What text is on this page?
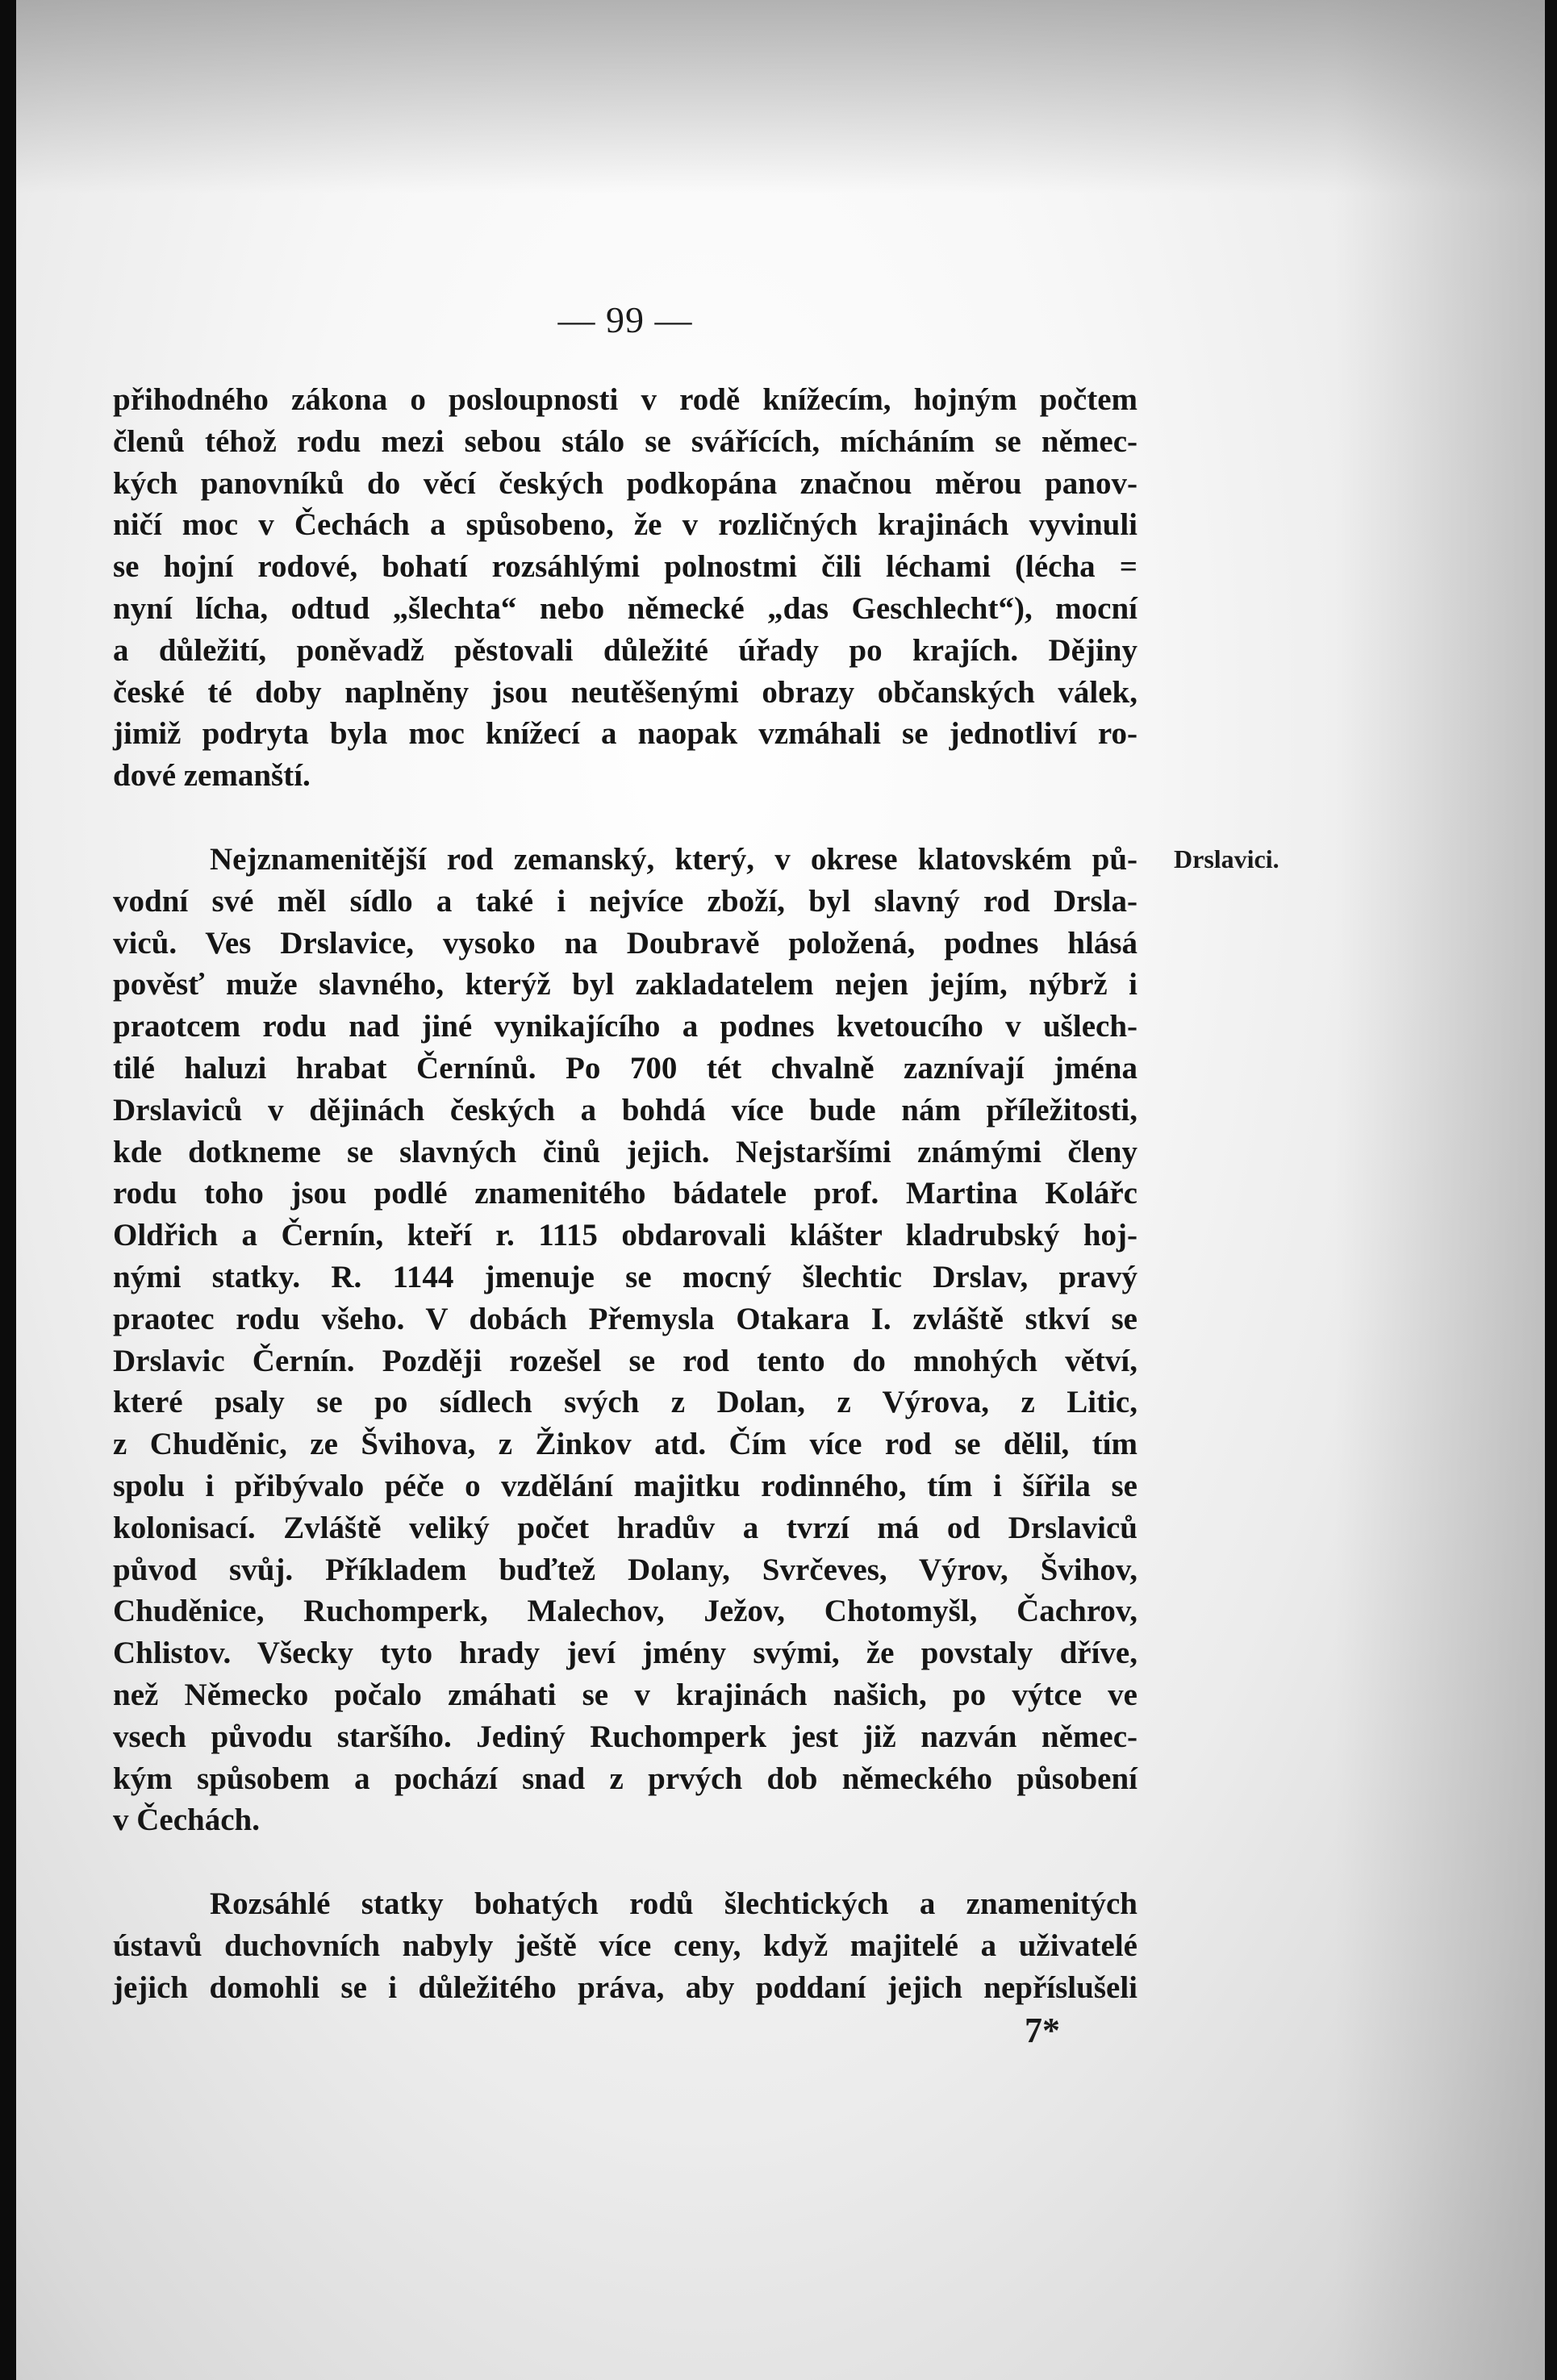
— 99 —
Drslavici.
přihodného zákona o posloupnosti v rodě knížecím, hojným počtem
členů téhož rodu mezi sebou stálo se svářících, mícháním se němec-
kých panovníků do věcí českých podkopána značnou měrou panov-
ničí moc v Čechách a spůsobeno, že v rozličných krajinách vyvinuli
se hojní rodové, bohatí rozsáhlými polnostmi čili léchami (lécha =
nyní lícha, odtud „šlechta“ nebo německé „das Geschlecht“), mocní
a důležití, poněvadž pěstovali důležité úřady po krajích. Dějiny
české té doby naplněny jsou neutěšenými obrazy občanských válek,
jimiž podryta byla moc knížecí a naopak vzmáhali se jednotliví ro-
dové zemanští.
Nejznamenitější rod zemanský, který, v okrese klatovském pů-
vodní své měl sídlo a také i nejvíce zboží, byl slavný rod Drsla-
viců. Ves Drslavice, vysoko na Doubravě položená, podnes hlásá
pověsť muže slavného, kterýž byl zakladatelem nejen jejím, nýbrž i
praotcem rodu nad jiné vynikajícího a podnes kvetoucího v ušlech-
tilé haluzi hrabat Černínů. Po 700 tét chvalně zaznívají jména
Drslaviců v dějinách českých a bohdá více bude nám příležitosti,
kde dotkneme se slavných činů jejich. Nejstaršími známými členy
rodu toho jsou podlé znamenitého bádatele prof. Martina Kolářc
Oldřich a Černín, kteří r. 1115 obdarovali klášter kladrubský hoj-
nými statky. R. 1144 jmenuje se mocný šlechtic Drslav, pravý
praotec rodu všeho. V dobách Přemysla Otakara I. zvláště stkví se
Drslavic Černín. Později rozešel se rod tento do mnohých větví,
které psaly se po sídlech svých z Dolan, z Výrova, z Litic,
z Chuděnic, ze Švihova, z Žinkov atd. Čím více rod se dělil, tím
spolu i přibývalo péče o vzdělání majitku rodinného, tím i šířila se
kolonisací. Zvláště veliký počet hradův a tvrzí má od Drslaviců
původ svůj. Příkladem buďtež Dolany, Svrčeves, Výrov, Švihov,
Chuděnice, Ruchomperk, Malechov, Ježov, Chotomyšl, Čachrov,
Chlistov. Všecky tyto hrady jeví jmény svými, že povstaly dříve,
než Německo počalo zmáhati se v krajinách našich, po výtce ve
vsech původu staršího. Jediný Ruchomperk jest již nazván němec-
kým spůsobem a pochází snad z prvých dob německého působení
v Čechách.
Rozsáhlé statky bohatých rodů šlechtických a znamenitých
ústavů duchovních nabyly ještě více ceny, když majitelé a uživatelé
jejich domohli se i důležitého práva, aby poddaní jejich nepříslušeli
7*
